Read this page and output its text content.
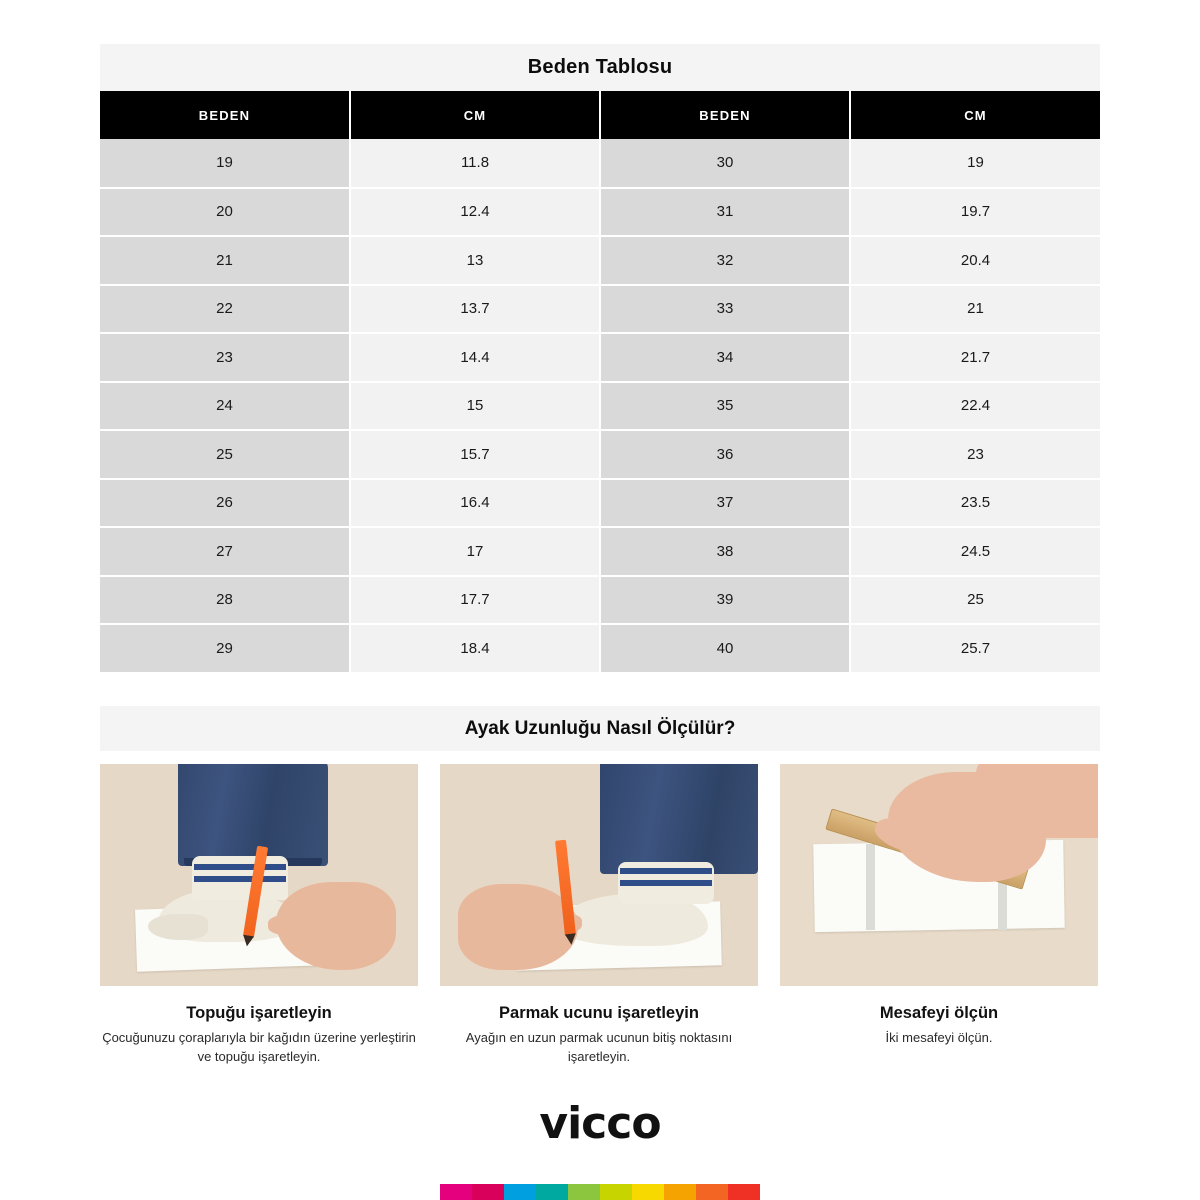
Beden Tablosu
BEDEN	CM	BEDEN	CM
19	11.8	30	19
20	12.4	31	19.7
21	13	32	20.4
22	13.7	33	21
23	14.4	34	21.7
24	15	35	22.4
25	15.7	36	23
26	16.4	37	23.5
27	17	38	24.5
28	17.7	39	25
29	18.4	40	25.7
Ayak Uzunluğu Nasıl Ölçülür?
Topuğu işaretleyin
Çocuğunuzu çoraplarıyla bir kağıdın üzerine yerleştirin ve topuğu işaretleyin.
Parmak ucunu işaretleyin
Ayağın en uzun parmak ucunun bitiş noktasını işaretleyin.
Mesafeyi ölçün
İki mesafeyi ölçün.
vicco
